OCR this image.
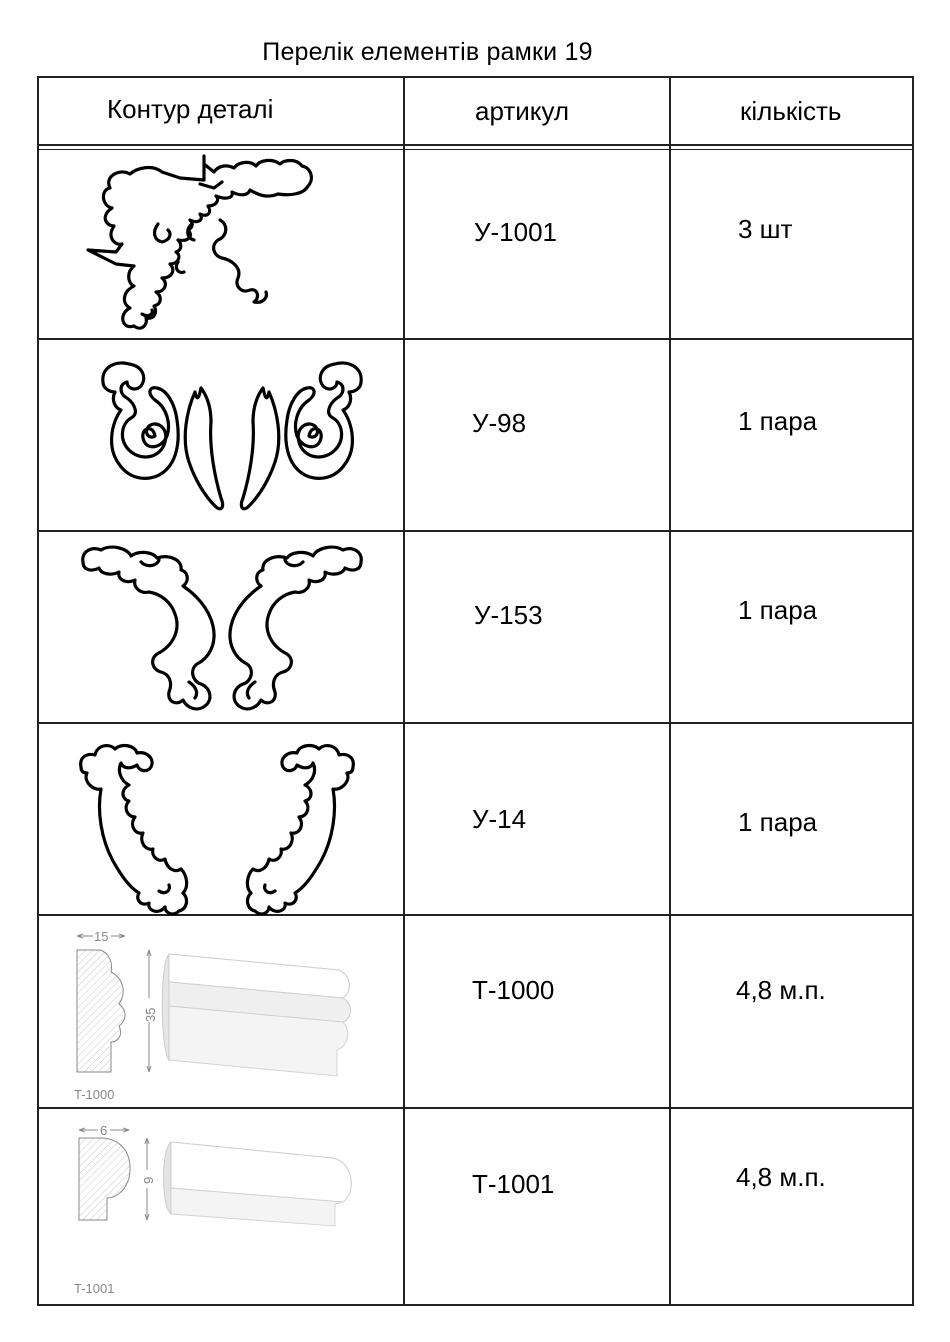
Перелік елементів рамки 19
Контур деталі	артикул	кількість
У-1001	3 шт
У-98	1 пара
У-153	1 пара
У-14	1 пара
Т-1000	4,8 м.п.
Т-1001	4,8 м.п.
15
35
T-1000
6
9
T-1001
